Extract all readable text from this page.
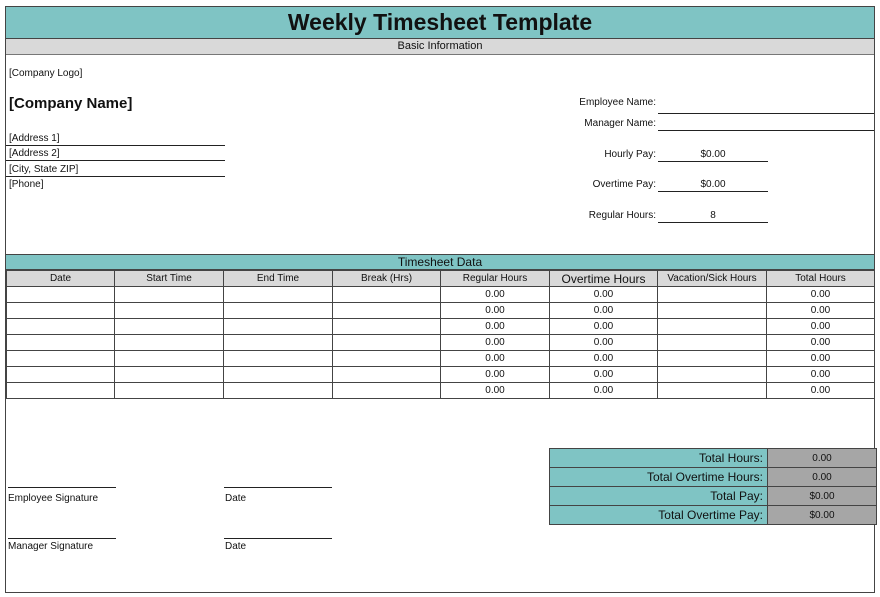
Weekly Timesheet Template
Basic Information
[Company Logo]
[Company Name]
[Address 1]
[Address 2]
[City, State ZIP]
[Phone]
Employee Name:
Manager Name:
Hourly Pay:	$0.00
Overtime Pay:	$0.00
Regular Hours:	8
Timesheet Data
Date	Start Time	End Time	Break (Hrs)	Regular Hours	Overtime Hours	Vacation/Sick Hours	Total Hours
				0.00	0.00		0.00
				0.00	0.00		0.00
				0.00	0.00		0.00
				0.00	0.00		0.00
				0.00	0.00		0.00
				0.00	0.00		0.00
				0.00	0.00		0.00
Total Hours:	0.00
Total Overtime Hours:	0.00
Total Pay:	$0.00
Total Overtime Pay:	$0.00
Employee Signature	Date
Manager Signature	Date
